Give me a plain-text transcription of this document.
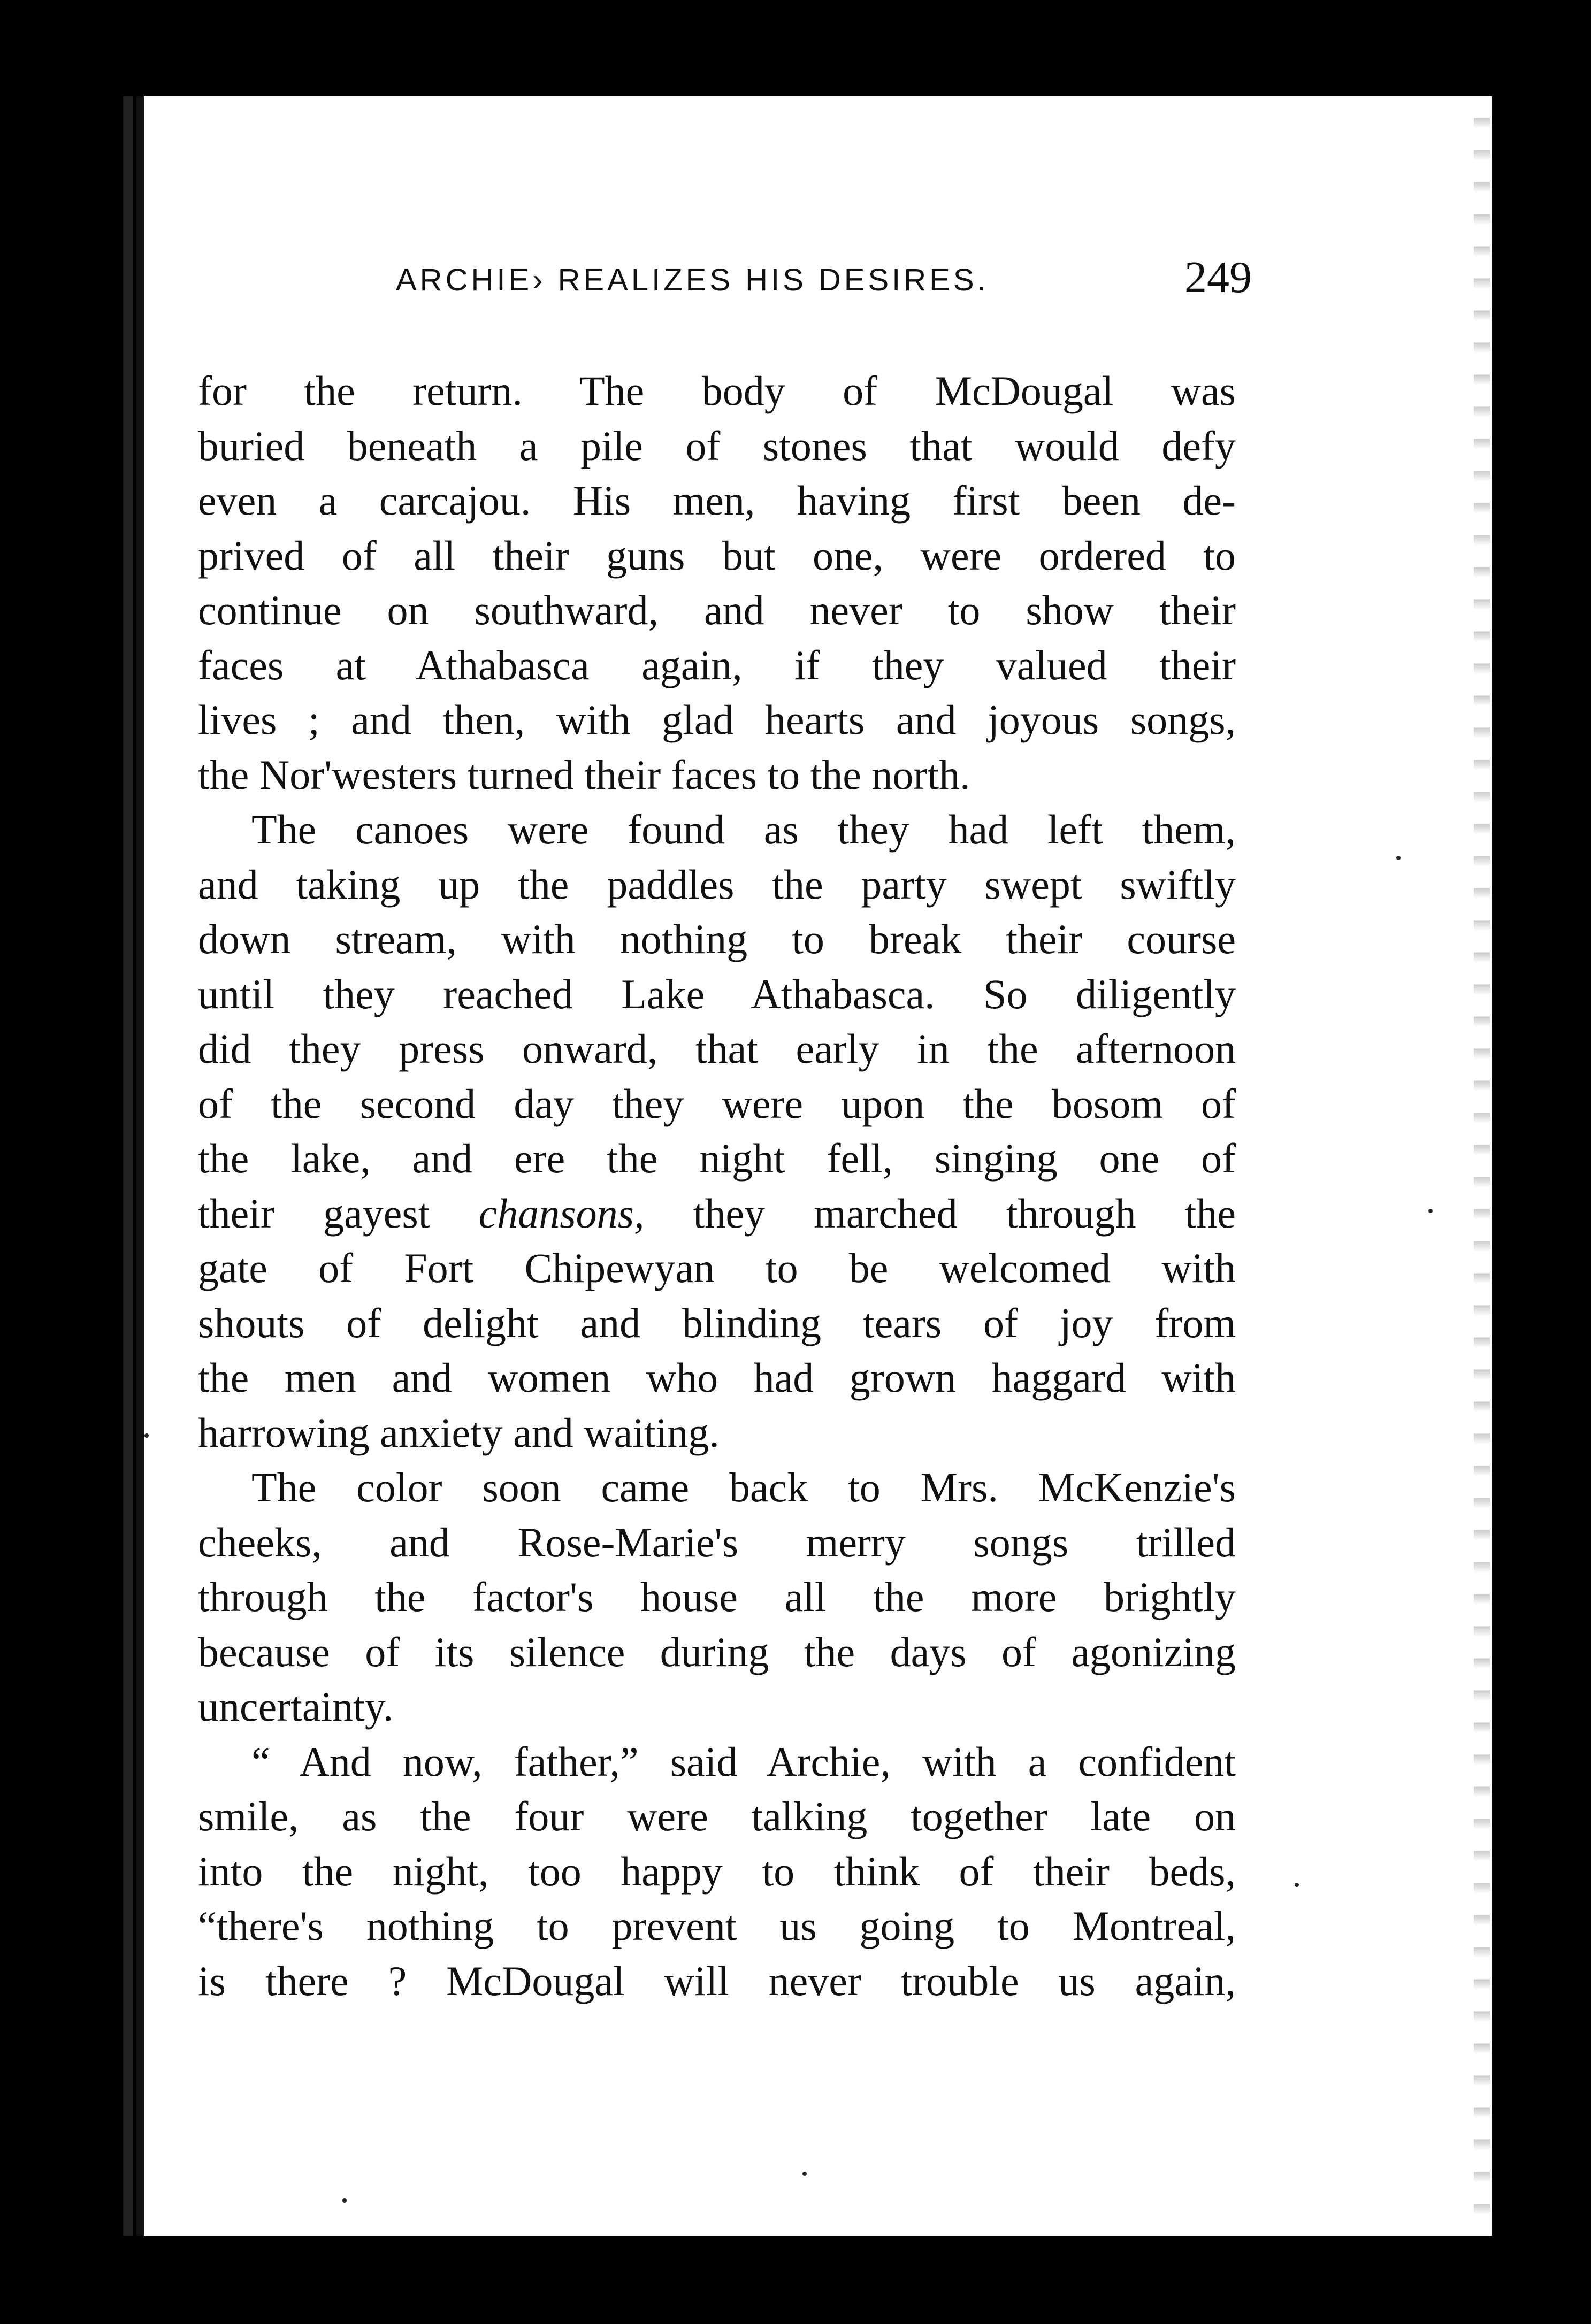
ARCHIE› REALIZES HIS DESIRES.	249
for the return. The body of McDougal was
buried beneath a pile of stones that would defy
even a carcajou. His men, having first been de-
prived of all their guns but one, were ordered to
continue on southward, and never to show their
faces at Athabasca again, if they valued their
lives ; and then, with glad hearts and joyous songs,
the Nor'westers turned their faces to the north.
The canoes were found as they had left them,
and taking up the paddles the party swept swiftly
down stream, with nothing to break their course
until they reached Lake Athabasca. So diligently
did they press onward, that early in the afternoon
of the second day they were upon the bosom of
the lake, and ere the night fell, singing one of
their gayest chansons, they marched through the
gate of Fort Chipewyan to be welcomed with
shouts of delight and blinding tears of joy from
the men and women who had grown haggard with
harrowing anxiety and waiting.
The color soon came back to Mrs. McKenzie's
cheeks, and Rose-Marie's merry songs trilled
through the factor's house all the more brightly
because of its silence during the days of agonizing
uncertainty.
“ And now, father,” said Archie, with a confident
smile, as the four were talking together late on
into the night, too happy to think of their beds,
“there's nothing to prevent us going to Montreal,
is there ? McDougal will never trouble us again,
